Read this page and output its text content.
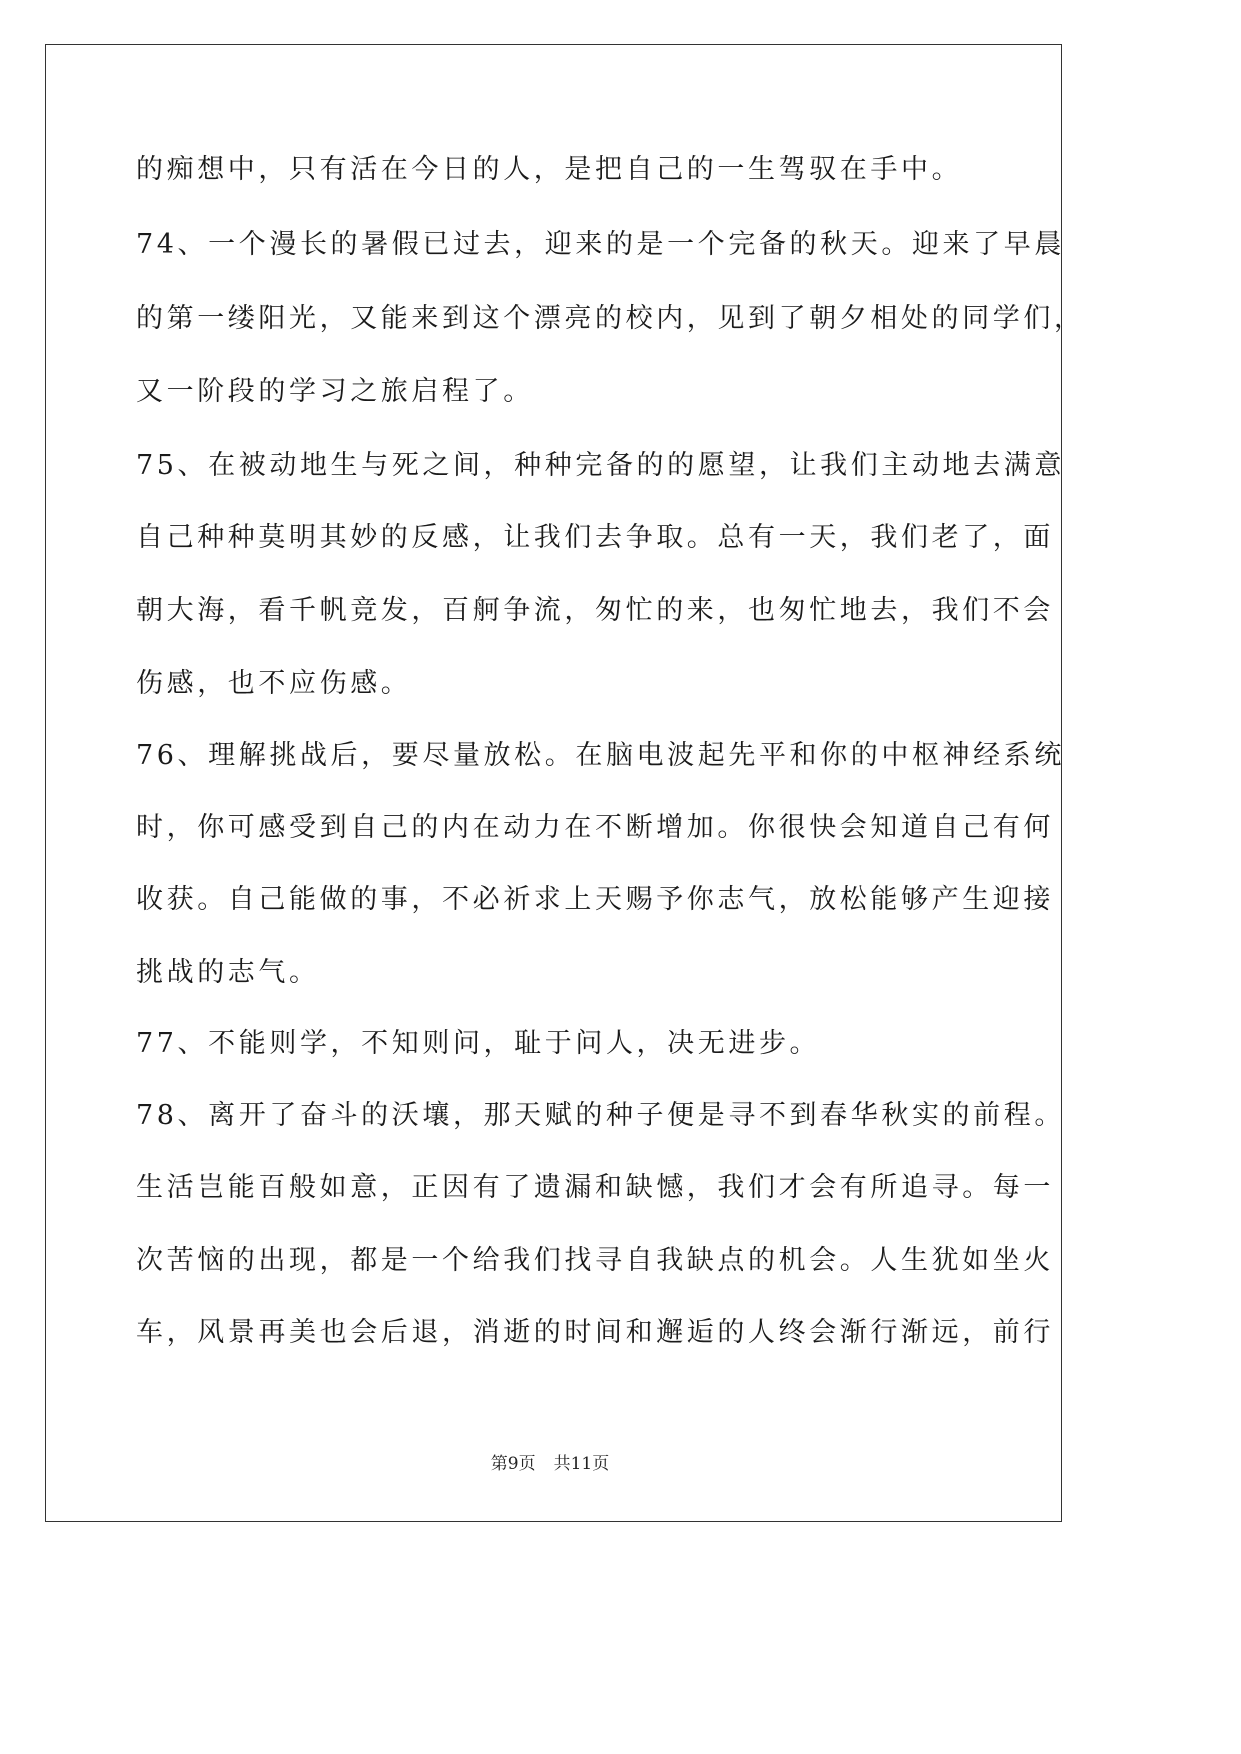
的痴想中，只有活在今日的人，是把自己的一生驾驭在手中。
74、一个漫长的暑假已过去，迎来的是一个完备的秋天。迎来了早晨
的第一缕阳光，又能来到这个漂亮的校内，见到了朝夕相处的同学们，
又一阶段的学习之旅启程了。
75、在被动地生与死之间，种种完备的的愿望，让我们主动地去满意
自己种种莫明其妙的反感，让我们去争取。总有一天，我们老了，面
朝大海，看千帆竞发，百舸争流，匆忙的来，也匆忙地去，我们不会
伤感，也不应伤感。
76、理解挑战后，要尽量放松。在脑电波起先平和你的中枢神经系统
时，你可感受到自己的内在动力在不断增加。你很快会知道自己有何
收获。自己能做的事，不必祈求上天赐予你志气，放松能够产生迎接
挑战的志气。
77、不能则学，不知则问，耻于问人，决无进步。
78、离开了奋斗的沃壤，那天赋的种子便是寻不到春华秋实的前程。
生活岂能百般如意，正因有了遗漏和缺憾，我们才会有所追寻。每一
次苦恼的出现，都是一个给我们找寻自我缺点的机会。人生犹如坐火
车，风景再美也会后退，消逝的时间和邂逅的人终会渐行渐远，前行
第9页 共11页
